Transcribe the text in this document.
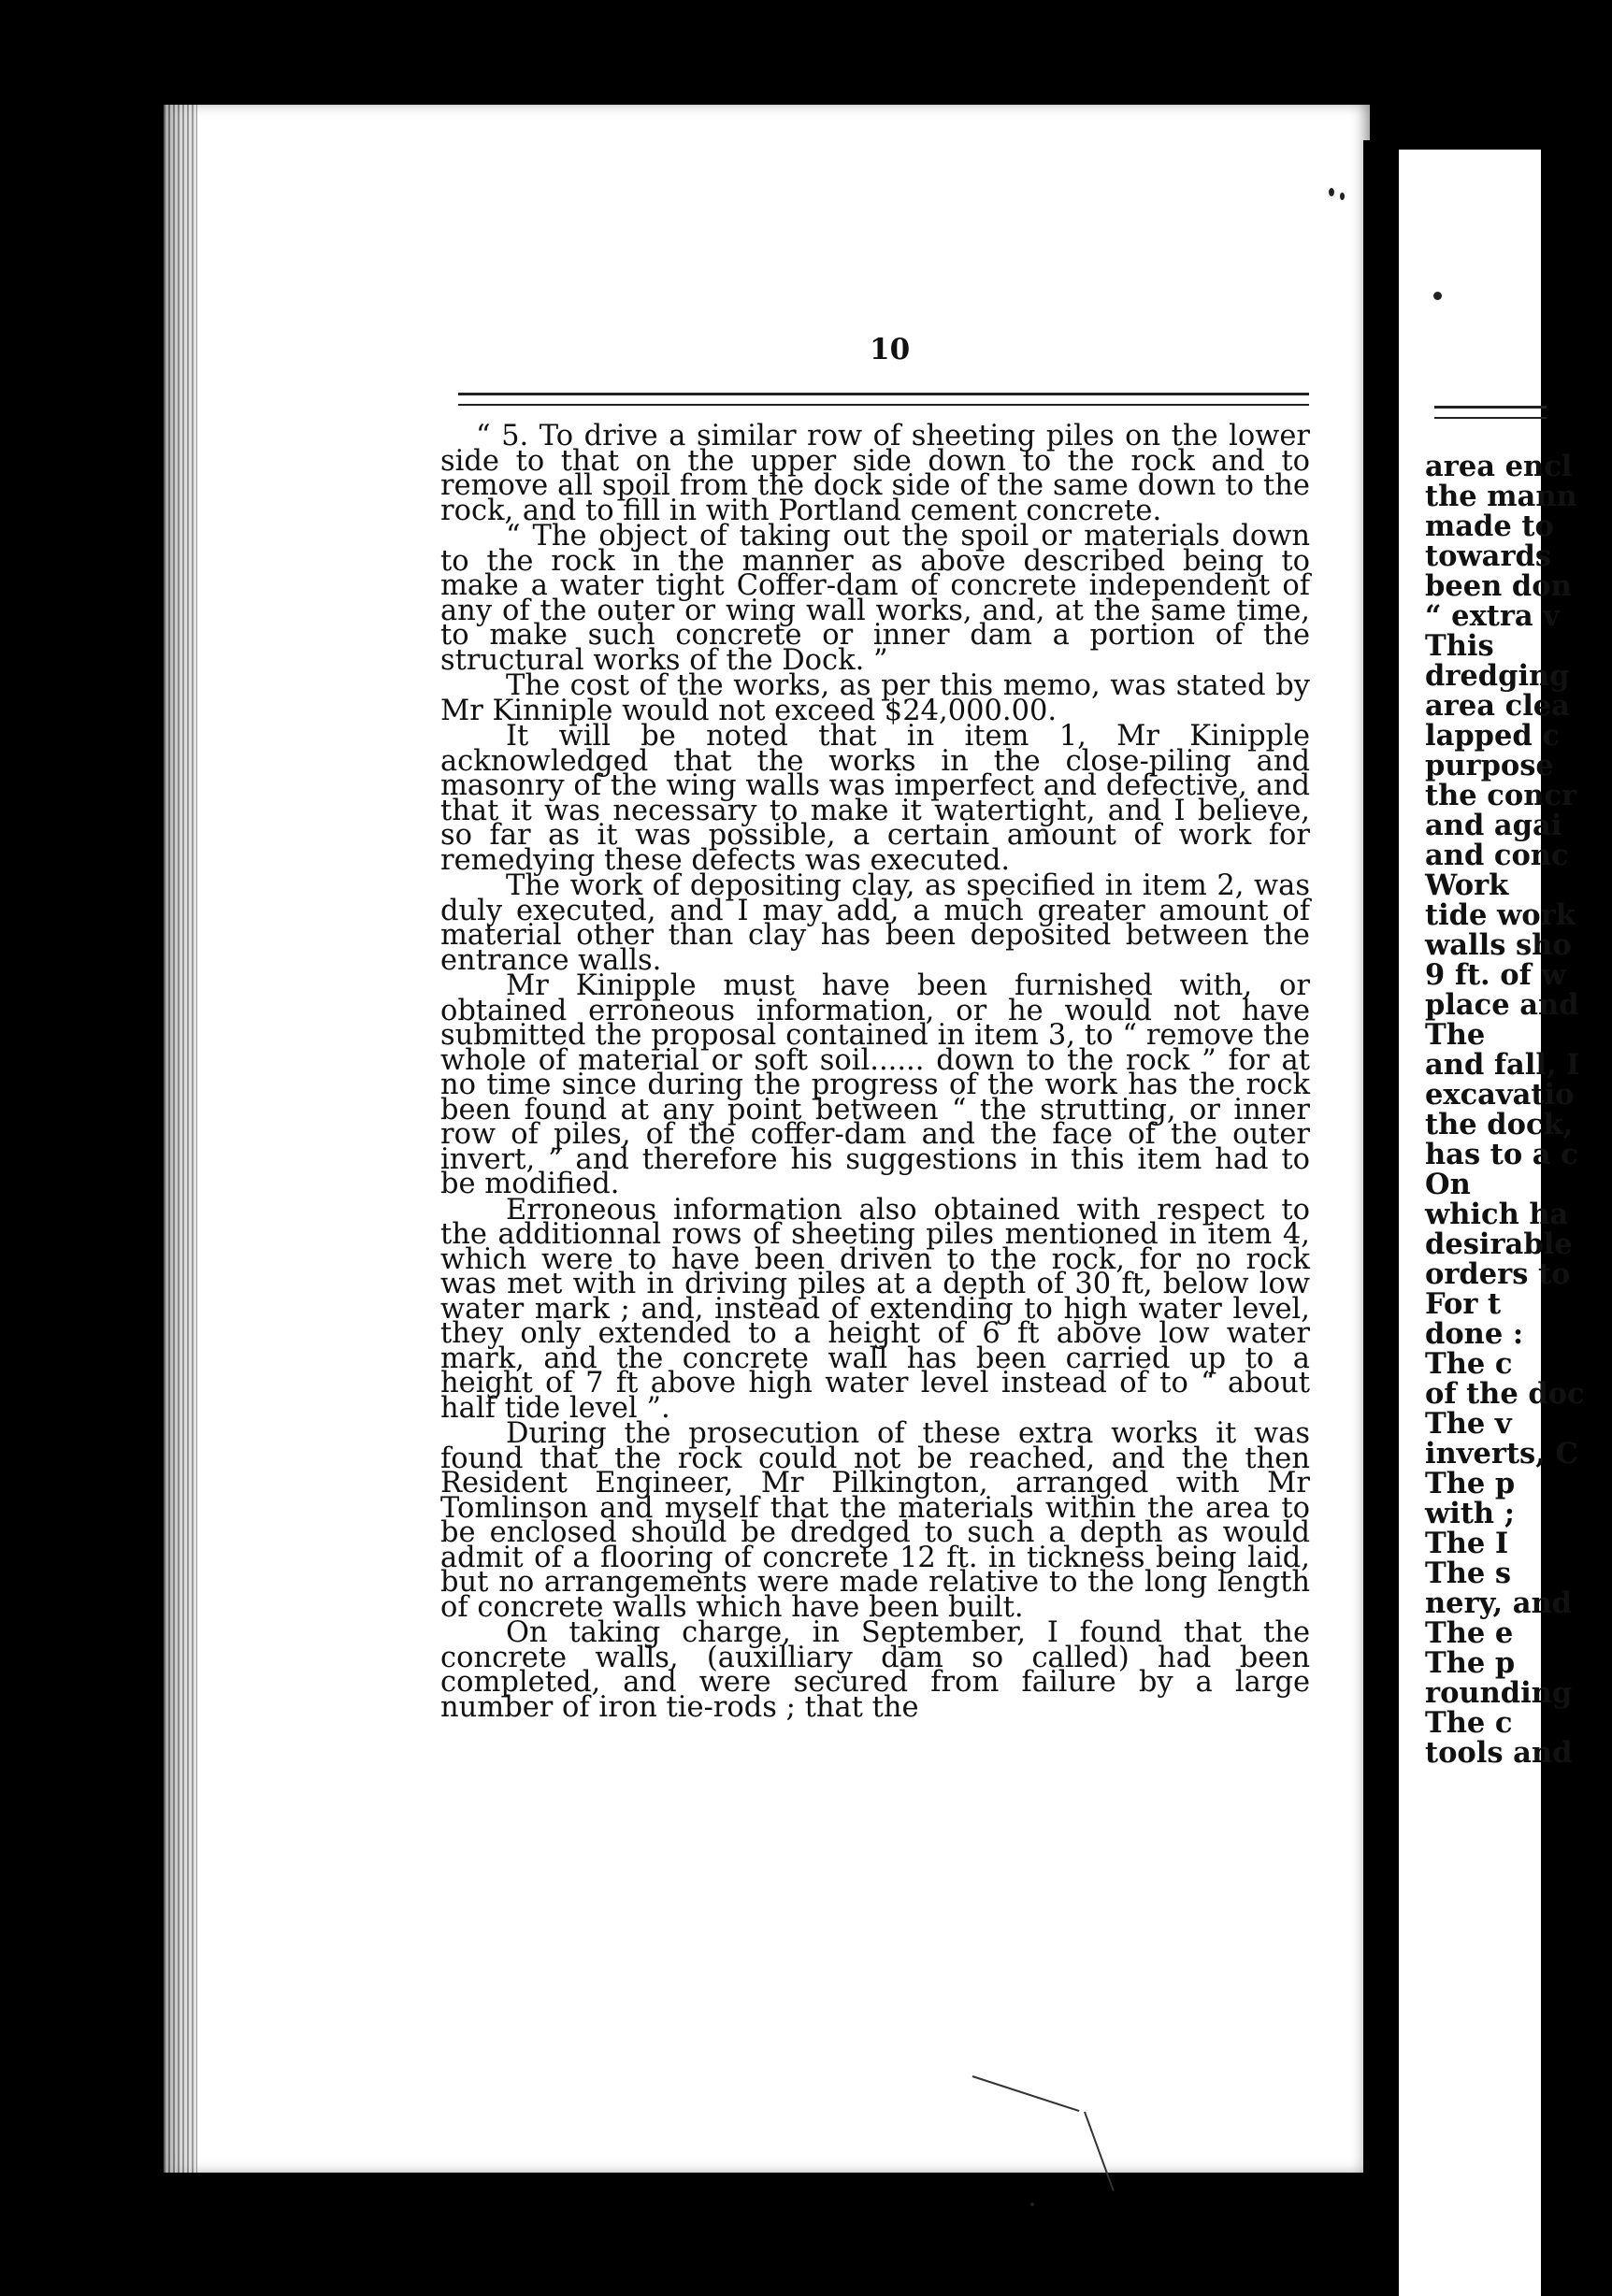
10

“ 5. To drive a similar row of sheeting piles on the lower side to that on the upper side down to the rock and to remove all spoil from the dock side of the same down to the rock, and to fill in with Portland cement concrete.

“ The object of taking out the spoil or materials down to the rock in the manner as above described being to make a water tight Coffer-dam of concrete independent of any of the outer or wing wall works, and, at the same time, to make such concrete or inner dam a portion of the structural works of the Dock. ”

The cost of the works, as per this memo, was stated by Mr Kinniple would not exceed $24,000.00.

It will be noted that in item 1, Mr Kinipple acknowledged that the works in the close-piling and masonry of the wing walls was imperfect and defective, and that it was necessary to make it watertight, and I believe, so far as it was possible, a certain amount of work for remedying these defects was executed.

The work of depositing clay, as specified in item 2, was duly executed, and I may add, a much greater amount of material other than clay has been deposited between the entrance walls.

Mr Kinipple must have been furnished with, or obtained erroneous information, or he would not have submitted the proposal contained in item 3, to “ remove the whole of material or soft soil...... down to the rock ” for at no time since during the progress of the work has the rock been found at any point between “ the strutting, or inner row of piles, of the coffer-dam and the face of the outer invert, ” and therefore his suggestions in this item had to be modified.

Erroneous information also obtained with respect to the additionnal rows of sheeting piles mentioned in item 4, which were to have been driven to the rock, for no rock was met with in driving piles at a depth of 30 ft, below low water mark ; and, instead of extending to high water level, they only extended to a height of 6 ft above low water mark, and the concrete wall has been carried up to a height of 7 ft above high water level instead of to “ about half tide level ”.

During the prosecution of these extra works it was found that the rock could not be reached, and the then Resident Engineer, Mr Pilkington, arranged with Mr Tomlinson and myself that the materials within the area to be enclosed should be dredged to such a depth as would admit of a flooring of concrete 12 ft. in tickness being laid, but no arrangements were made relative to the long length of concrete walls which have been built.

On taking charge, in September, I found that the concrete walls, (auxilliary dam so called) had been completed, and were secured from failure by a large number of iron tie-rods ; that the

area encl
the mann
made to
towards
been don
“ extra v
This
dredging
area clea
lapped c
purpose
the concr
and agai
and conc
Work
tide work
walls sho
9 ft. of w
place and
The
and fall, I
excavatio
the dock,
has to a c
On
which ha
desirable
orders to
For t
done :
The c
of the doc
The v
inverts, C
The p
with ;
The I
The s
nery, and
The e
The p
rounding
The c
tools and
